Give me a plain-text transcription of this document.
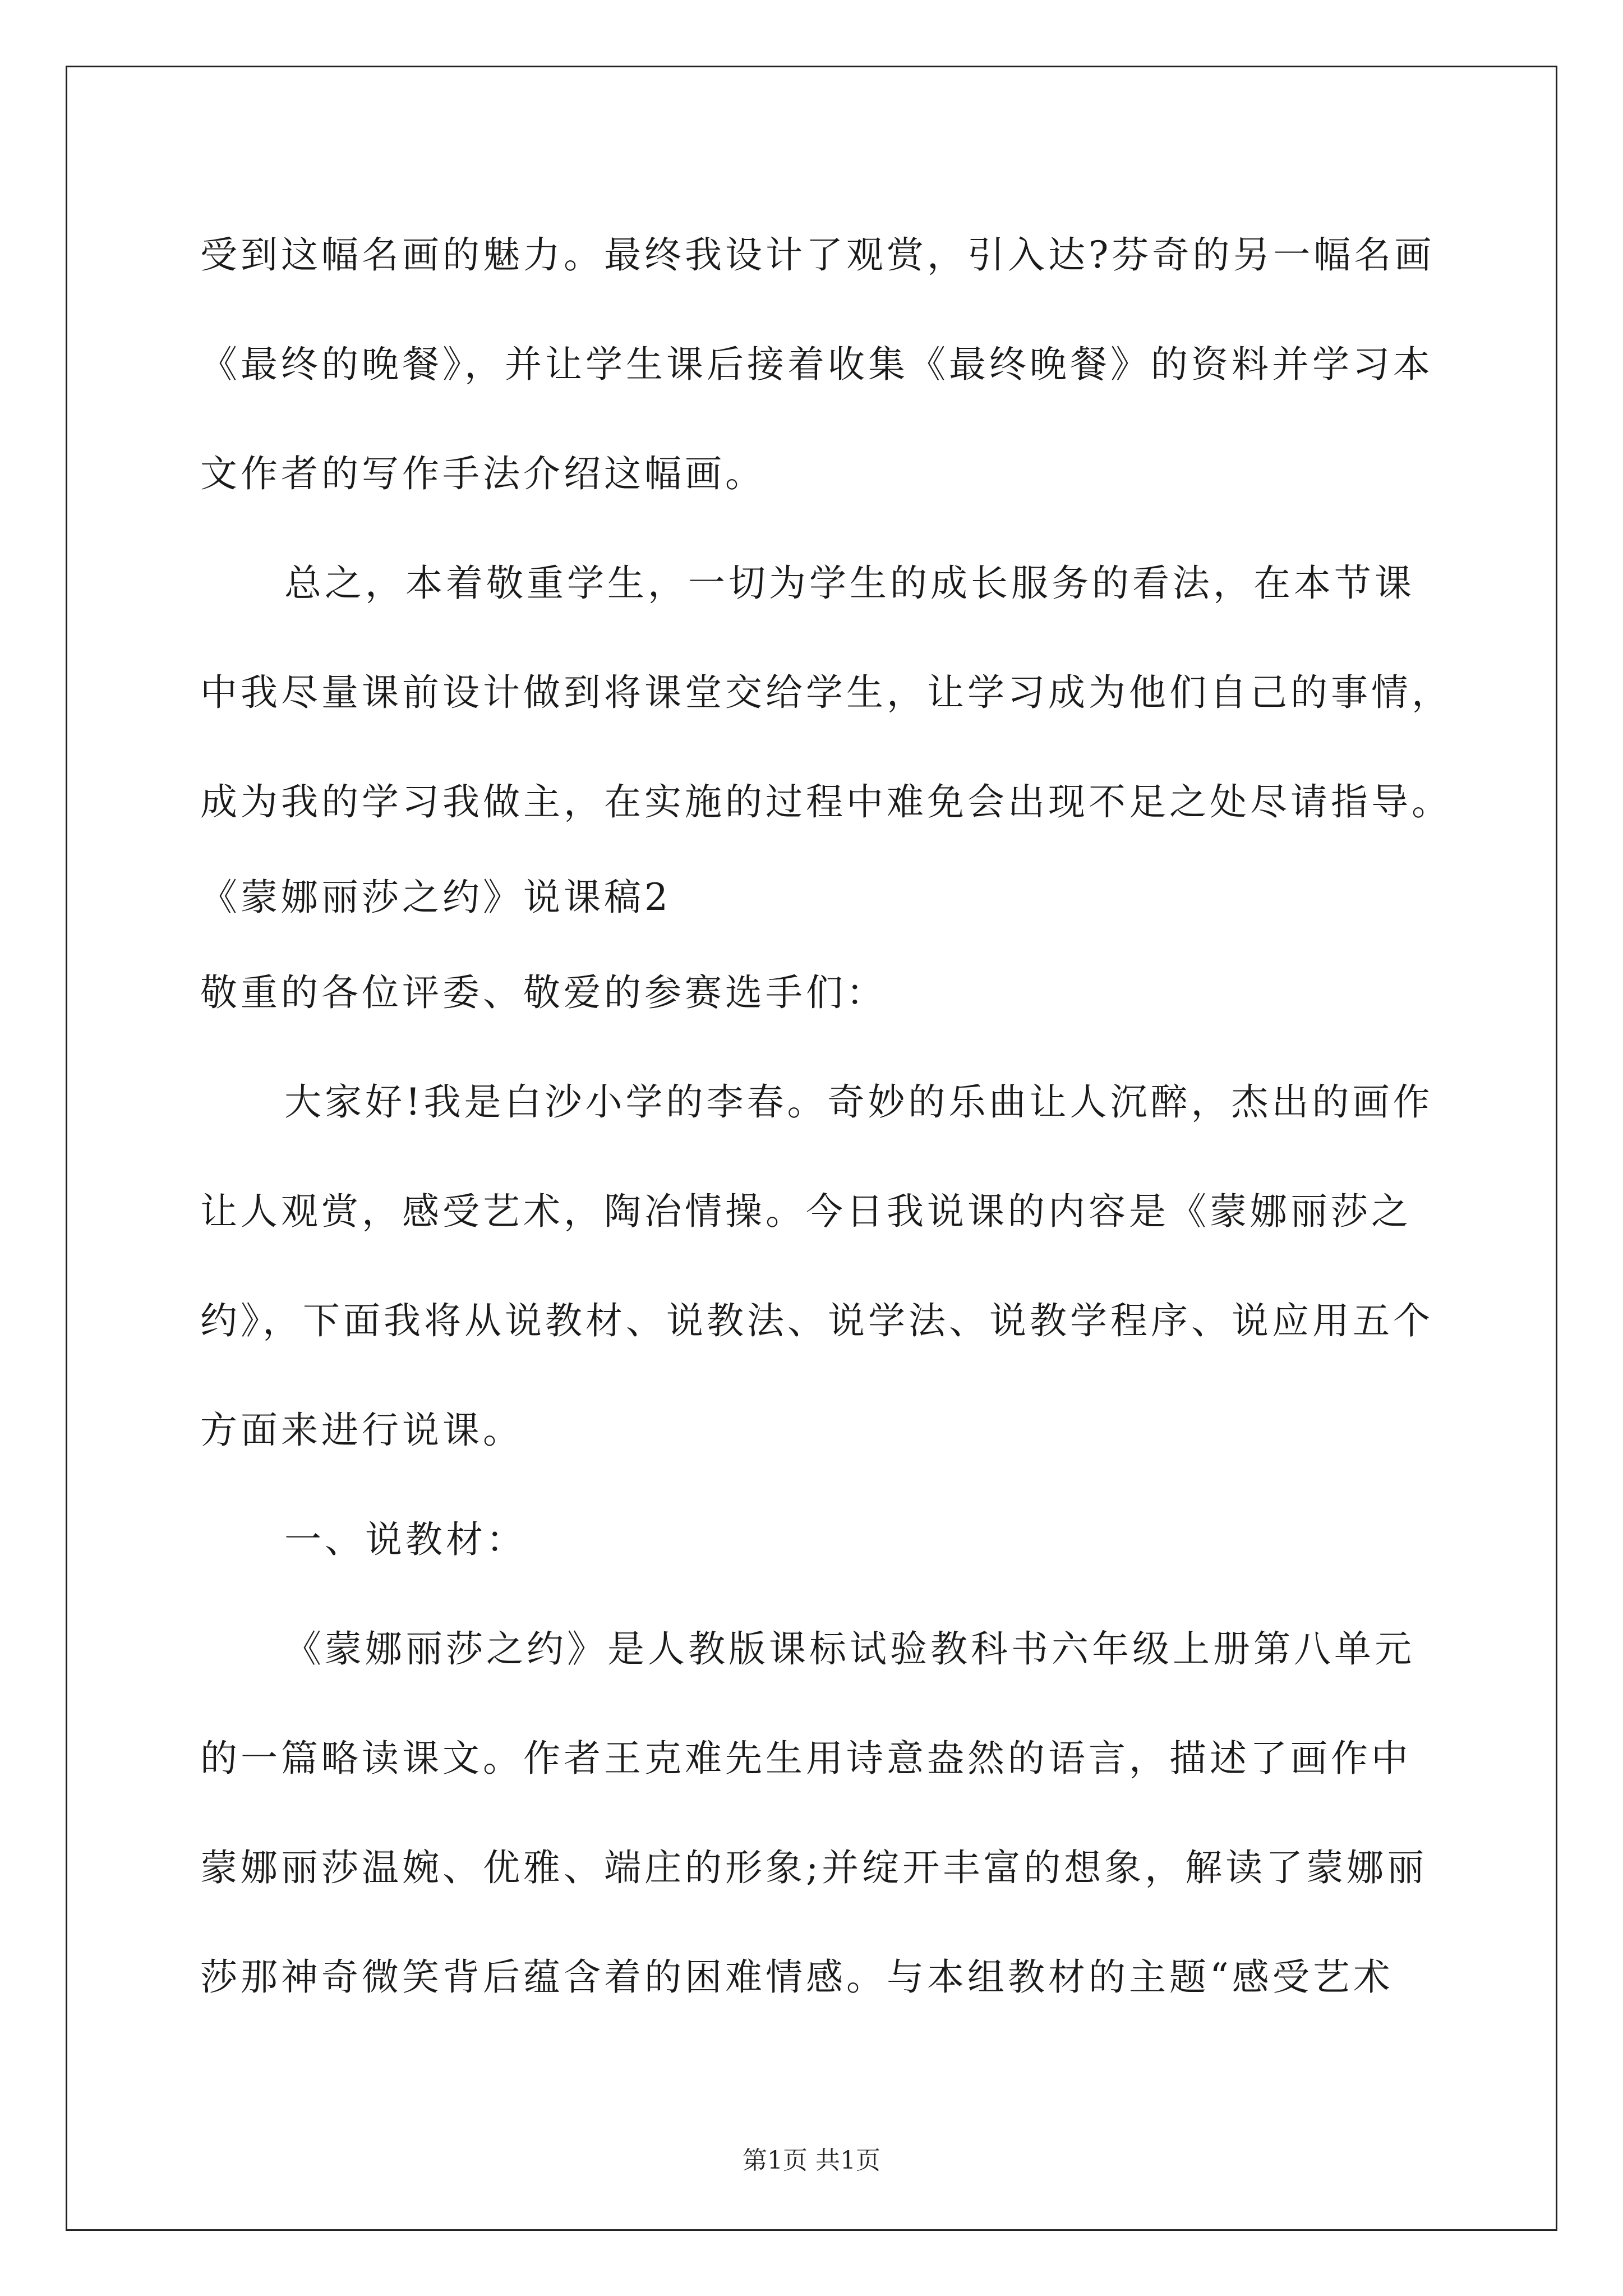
受到这幅名画的魅力。最终我设计了观赏，引入达?芬奇的另一幅名画
《最终的晚餐》，并让学生课后接着收集《最终晚餐》的资料并学习本
文作者的写作手法介绍这幅画。
总之，本着敬重学生，一切为学生的成长服务的看法，在本节课
中我尽量课前设计做到将课堂交给学生，让学习成为他们自己的事情，
成为我的学习我做主，在实施的过程中难免会出现不足之处尽请指导。
《蒙娜丽莎之约》说课稿2
敬重的各位评委、敬爱的参赛选手们：
大家好!我是白沙小学的李春。奇妙的乐曲让人沉醉，杰出的画作
让人观赏，感受艺术，陶冶情操。今日我说课的内容是《蒙娜丽莎之
约》，下面我将从说教材、说教法、说学法、说教学程序、说应用五个
方面来进行说课。
一、说教材：
《蒙娜丽莎之约》是人教版课标试验教科书六年级上册第八单元
的一篇略读课文。作者王克难先生用诗意盎然的语言，描述了画作中
蒙娜丽莎温婉、优雅、端庄的形象;并绽开丰富的想象，解读了蒙娜丽
莎那神奇微笑背后蕴含着的困难情感。与本组教材的主题“感受艺术
第1页 共1页
